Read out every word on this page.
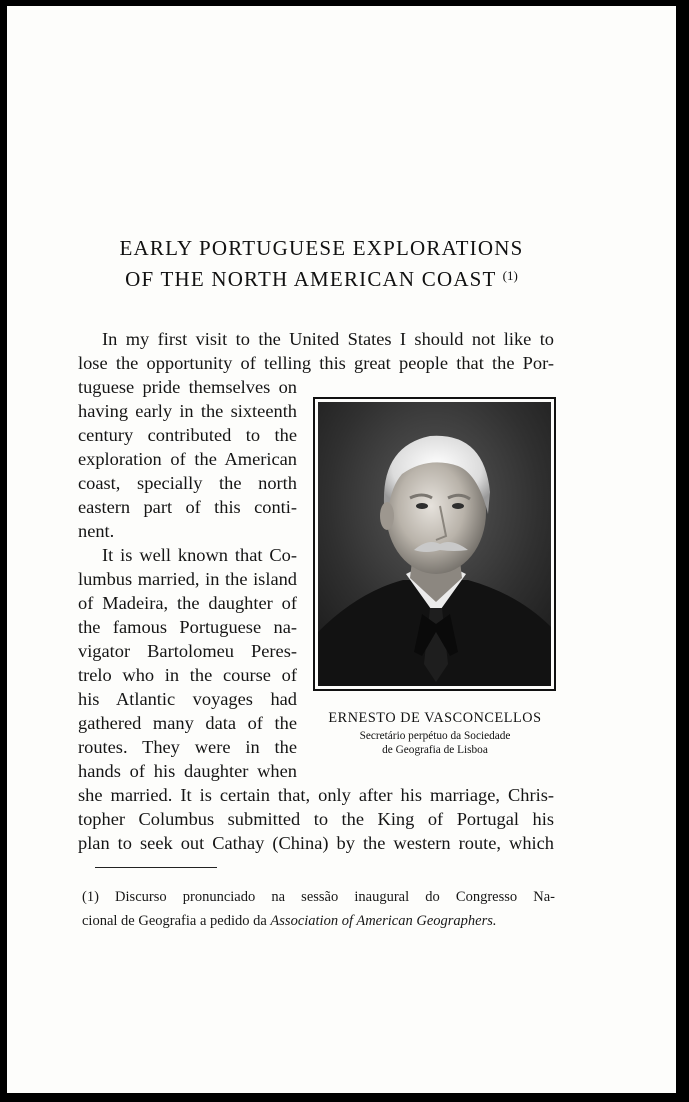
EARLY PORTUGUESE EXPLORATIONS
OF THE NORTH AMERICAN COAST $^{(1)}$
In my first visit to the United States I should not like to
lose the opportunity of telling this great people that the Por-
tuguese pride themselves on
having early in the sixteenth
century contributed to the
exploration of the American
coast, specially the north
eastern part of this conti-
nent.
It is well known that Co-
lumbus married, in the island
of Madeira, the daughter of
the famous Portuguese na-
vigator Bartolomeu Peres-
trelo who in the course of
his Atlantic voyages had
gathered many data of the
routes. They were in the
hands of his daughter when
she married. It is certain that, only after his marriage, Chris-
topher Columbus submitted to the King of Portugal his
plan to seek out Cathay (China) by the western route, which
ERNESTO DE VASCONCELLOS
Secretário perpétuo da Sociedade
de Geografia de Lisboa
(1) Discurso pronunciado na sessão inaugural do Congresso Na-
cional de Geografia a pedido da Association of American Geographers.
